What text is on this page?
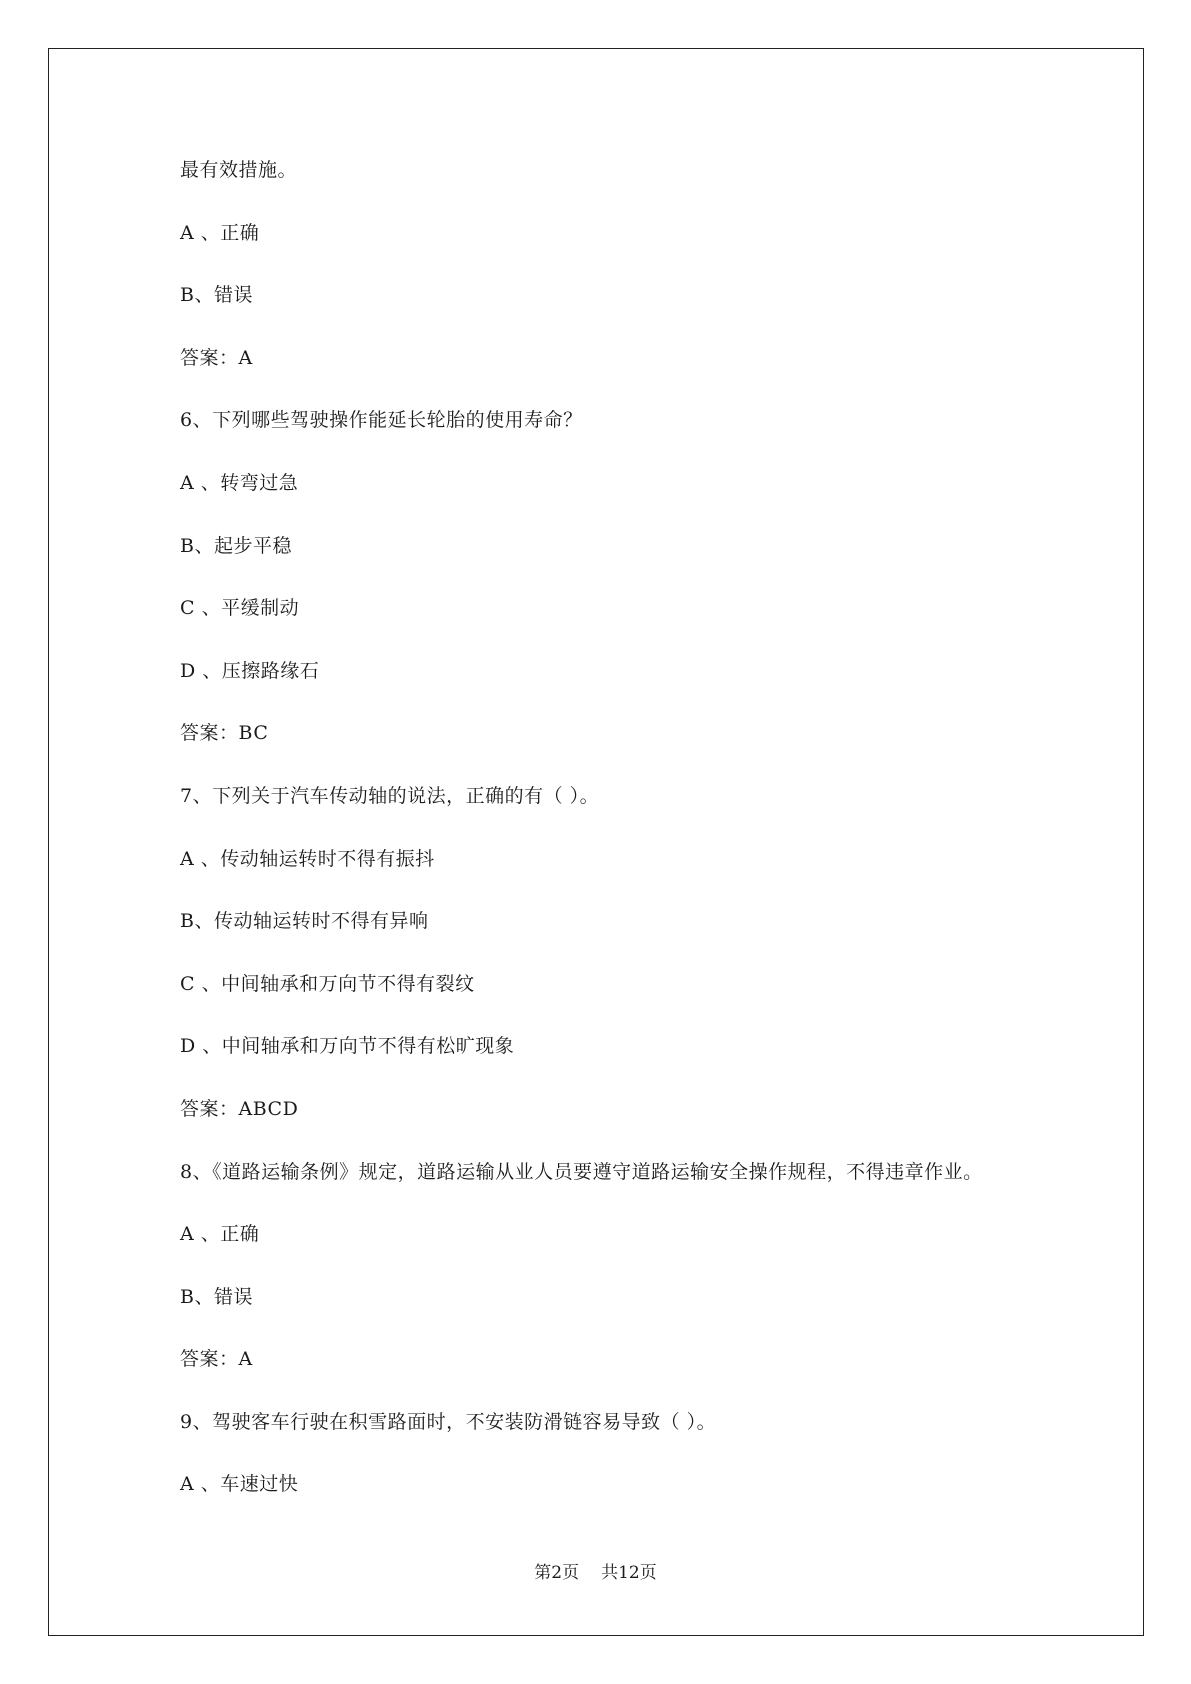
最有效措施。
A 、正确
B、错误
答案：A
6、下列哪些驾驶操作能延长轮胎的使用寿命？
A 、转弯过急
B、起步平稳
C 、平缓制动
D 、压擦路缘石
答案：BC
7、下列关于汽车传动轴的说法，正确的有（ ）。
A 、传动轴运转时不得有振抖
B、传动轴运转时不得有异响
C 、中间轴承和万向节不得有裂纹
D 、中间轴承和万向节不得有松旷现象
答案：ABCD
8、《道路运输条例》规定，道路运输从业人员要遵守道路运输安全操作规程，不得违章作业。
A 、正确
B、错误
答案：A
9、驾驶客车行驶在积雪路面时，不安装防滑链容易导致（ ）。
A 、车速过快
第2页 共12页
